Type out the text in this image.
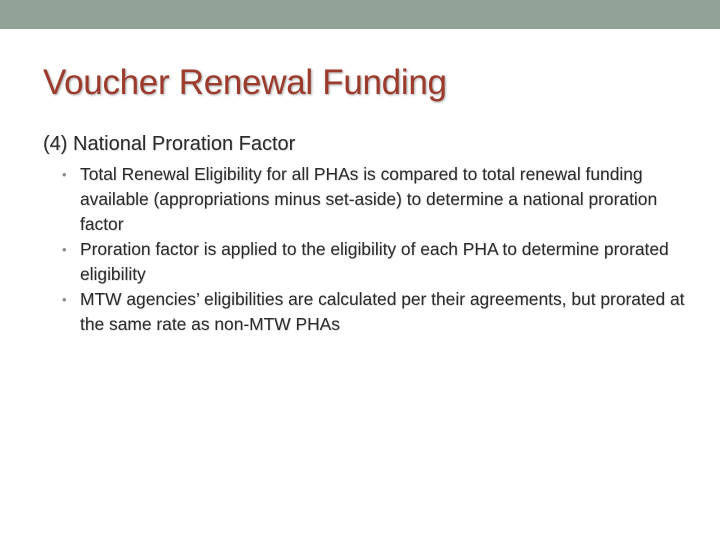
Voucher Renewal Funding

(4) National Proration Factor

• Total Renewal Eligibility for all PHAs is compared to total renewal funding available (appropriations minus set-aside) to determine a national proration factor
• Proration factor is applied to the eligibility of each PHA to determine prorated eligibility
• MTW agencies’ eligibilities are calculated per their agreements, but prorated at the same rate as non-MTW PHAs
